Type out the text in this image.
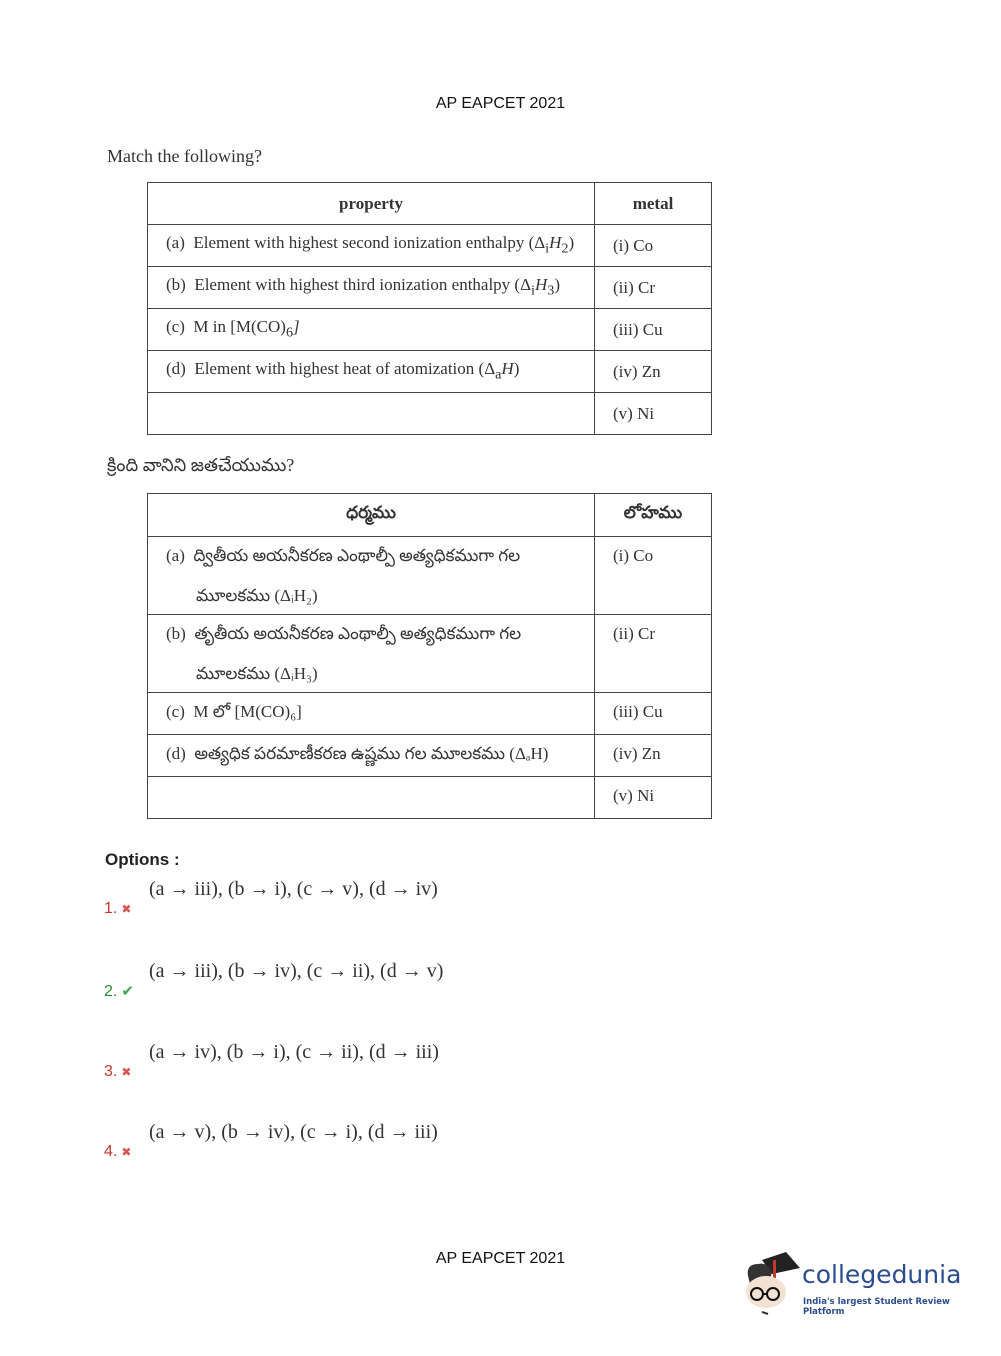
AP EAPCET 2021
Match the following?
property	metal
(a) Element with highest second ionization enthalpy $(\Delta_iH_2)$	(i) Co
(b) Element with highest third ionization enthalpy $(\Delta_iH_3)$	(ii) Cr
(c) M in $[M(CO)_6]$	(iii) Cu
(d) Element with highest heat of atomization $(\Delta_aH)$	(iv) Zn
	(v) Ni
క్రింది వానిని జతచేయుము?
ధర్మము	లోహము
(a) ద్వితీయ అయనీకరణ ఎంథాల్పీ అత్యధికముగా గల
మూలకము (ΔᵢH₂)	(i) Co
(b) తృతీయ అయనీకరణ ఎంథాల్పీ అత్యధికముగా గల
మూలకము (ΔᵢH₃)	(ii) Cr
(c) M లో [M(CO)₆]	(iii) Cu
(d) అత్యధిక పరమాణీకరణ ఉష్ణము గల మూలకము (ΔₐH)	(iv) Zn
	(v) Ni
Options :
1. ✖
(a → iii), (b → i), (c → v), (d → iv)
2. ✔
(a → iii), (b → iv), (c → ii), (d → v)
3. ✖
(a → iv), (b → i), (c → ii), (d → iii)
4. ✖
(a → v), (b → iv), (c → i), (d → iii)
AP EAPCET 2021
collegedunia
India's largest Student Review Platform
